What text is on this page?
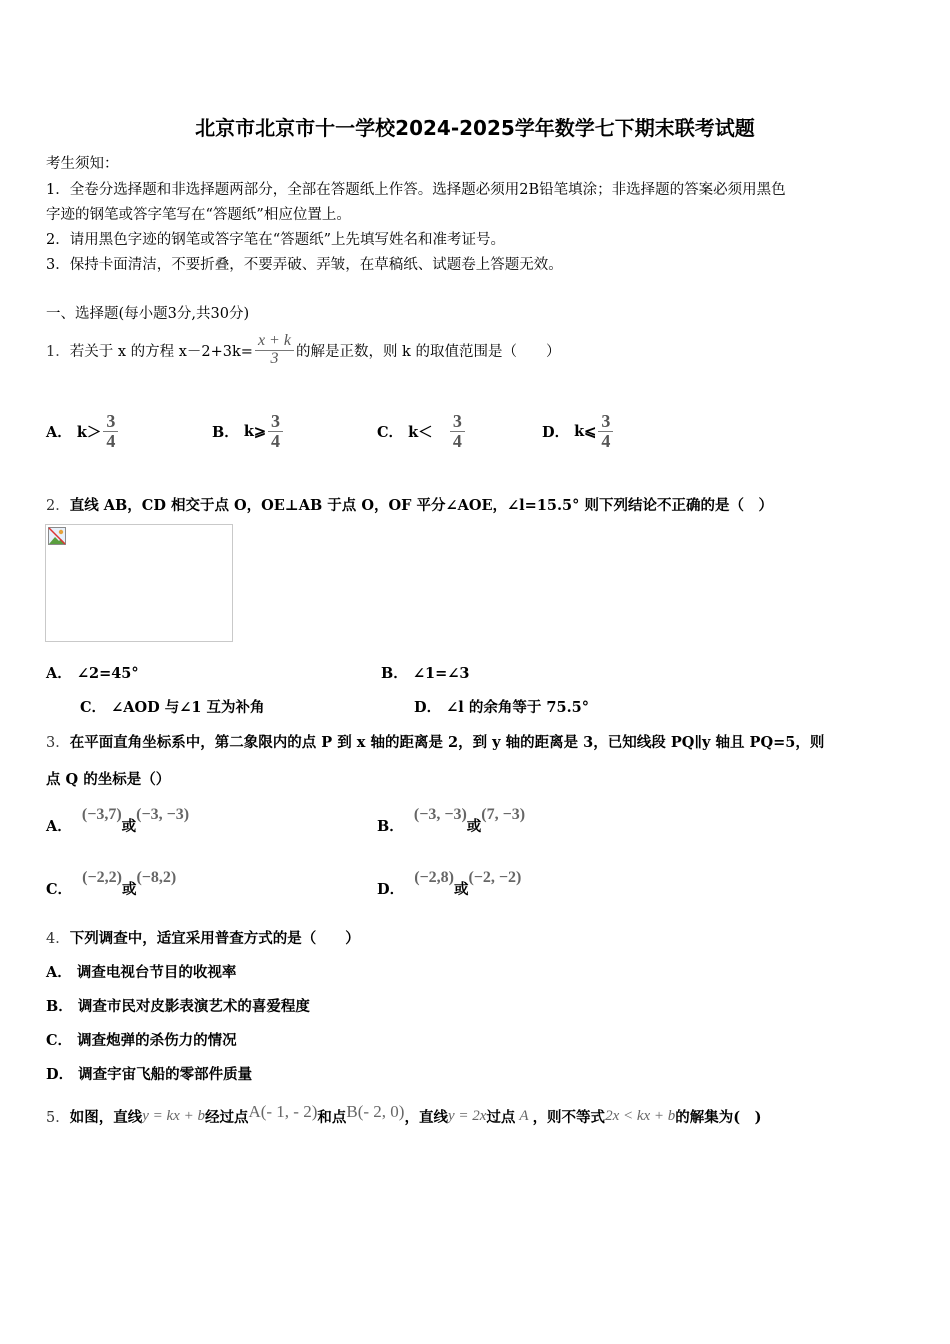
北京市北京市十一学校2024-2025学年数学七下期末联考试题
考生须知：
1．全卷分选择题和非选择题两部分，全部在答题纸上作答。选择题必须用2B铅笔填涂；非选择题的答案必须用黑色
字迹的钢笔或答字笔写在“答题纸”相应位置上。
2．请用黑色字迹的钢笔或答字笔在“答题纸”上先填写姓名和准考证号。
3．保持卡面清洁，不要折叠，不要弄破、弄皱，在草稿纸、试题卷上答题无效。
一、选择题(每小题3分,共30分)
1． 若关于 x 的方程 $x-2+3k= \frac{x + k}{3}$ 的解是正数，则 k 的取值范围是（　　）
A．
$k> \frac{3}{4}$	B．
k⩾ $\frac{3}{4}$	C．
k＜
$\frac{3}{4}$	D．
k⩽ $\frac{3}{4}$
2．直线 AB，CD 相交于点 O，OE⊥AB 于点 O，OF 平分∠AOE，∠l=15.5° 则下列结论不正确的是（　）
A． ∠2=45°	B． ∠1=∠3
C． ∠AOD 与∠1 互为补角	D． ∠l 的余角等于 75.5°
3．在平面直角坐标系中，第二象限内的点 P 到 x 轴的距离是 2，到 y 轴的距离是 3，已知线段 PQ∥y 轴且 PQ=5，则
点 Q 的坐标是（）
A．

(−3,7)
或
(−3, −3)
B．

(−3, −3)
或
(7, −3)
C．

(−2,2)
或
(−8,2)
D．

(−2,8)
或
(−2, −2)
4．下列调查中，适宜采用普查方式的是（　　）
A． 调查电视台节目的收视率
B． 调查市民对皮影表演艺术的喜爱程度
C． 调查炮弹的杀伤力的情况
D． 调查宇宙飞船的零部件质量
5． 如图，直线 y = kx + b 经过点 A(- 1, - 2) 和点 B(- 2, 0) ，直线 y = 2x 过点 A ，则不等式 2x < kx + b 的解集为(　)
